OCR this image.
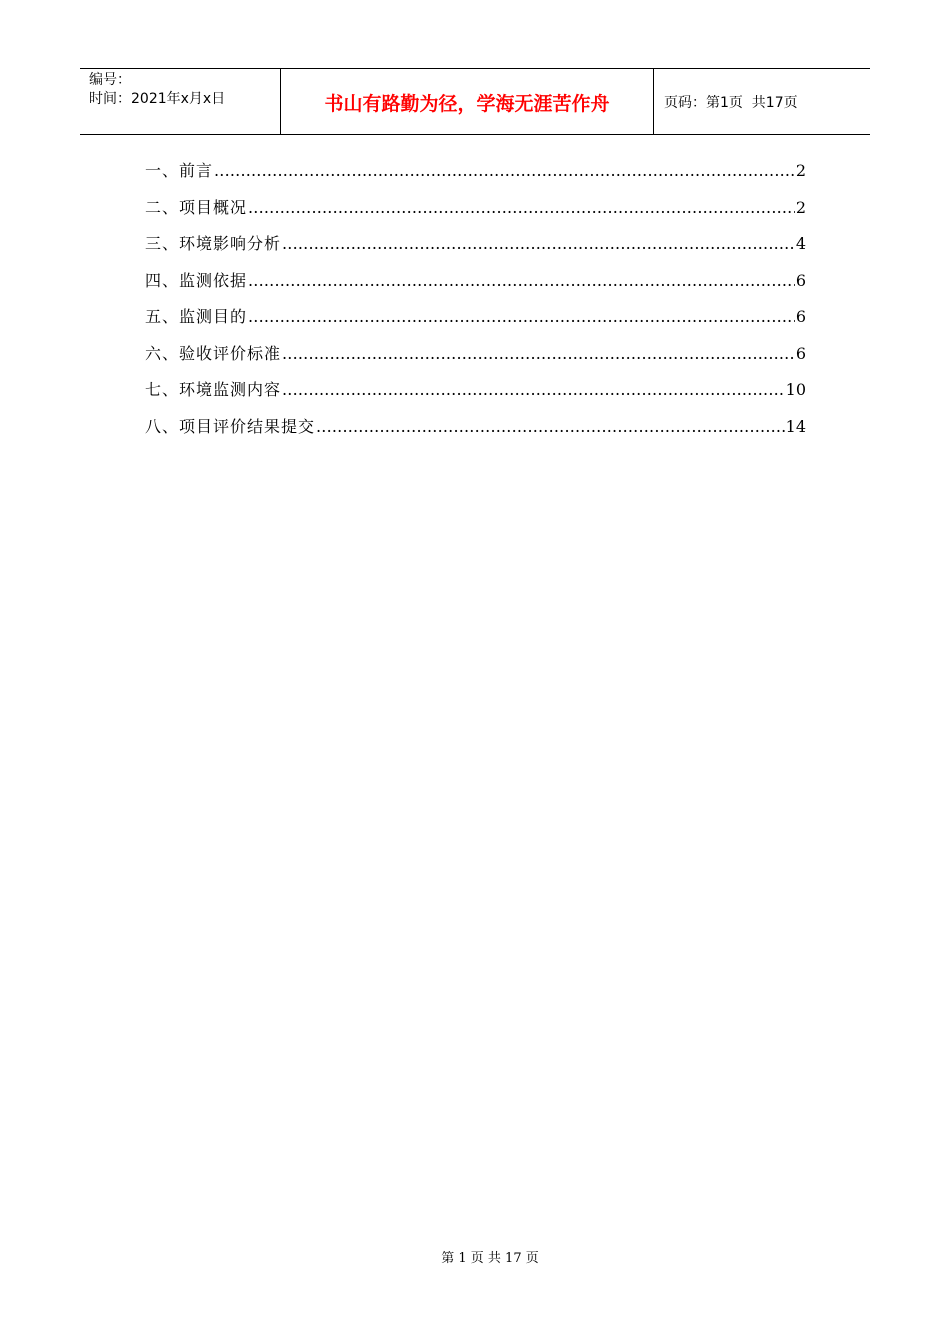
编号：
时间：2021年x月x日	书山有路勤为径，学海无涯苦作舟	页码：第1页  共17页
一、前言 .....	2
二、项目概况 .....	2
三、环境影响分析 .....	4
四、监测依据 .....	6
五、监测目的 .....	6
六、验收评价标准 .....	6
七、环境监测内容 .....	10
八、项目评价结果提交 .....	14
第 1 页 共 17 页
